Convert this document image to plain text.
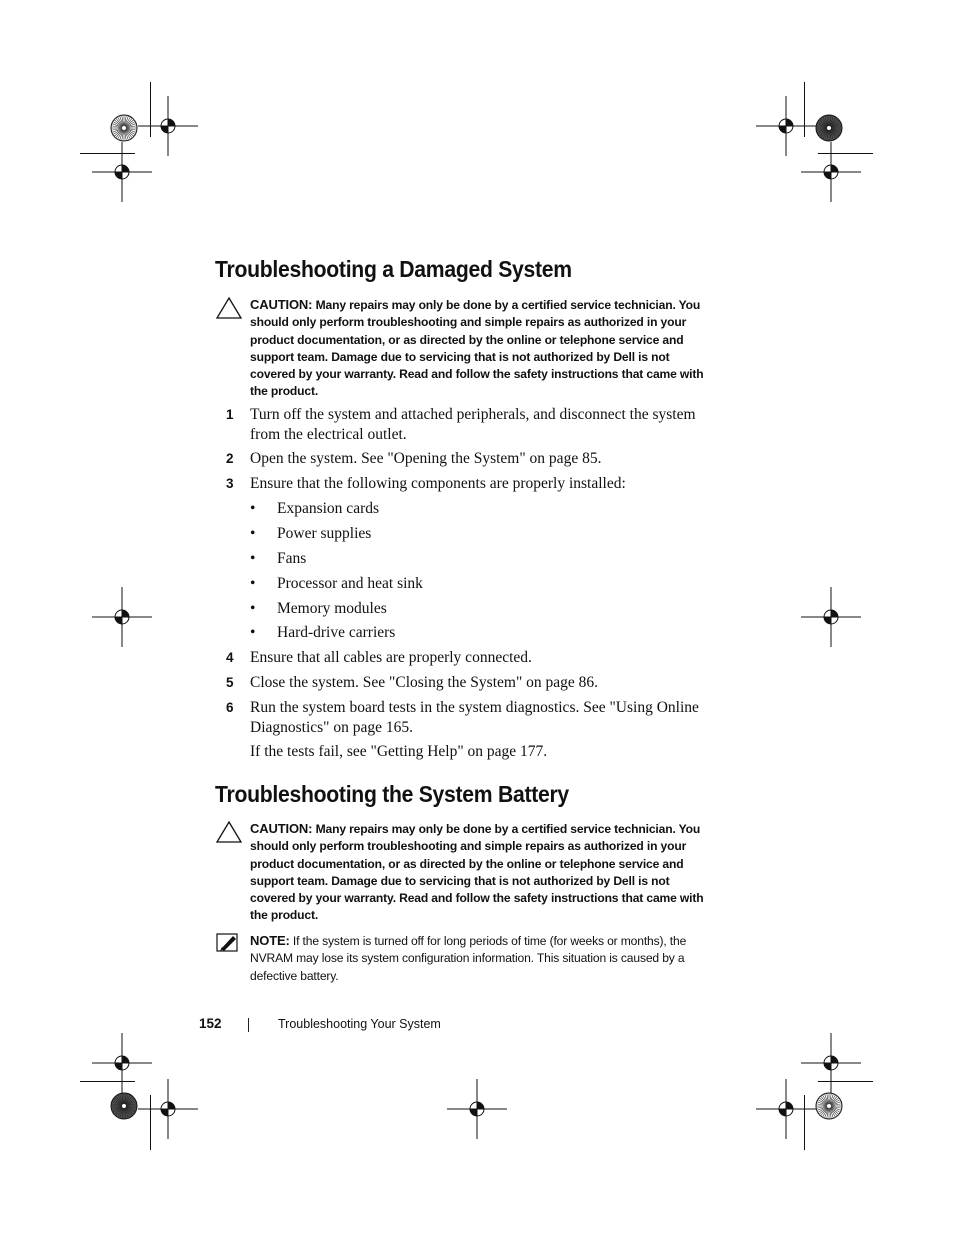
Troubleshooting a Damaged System
CAUTION: Many repairs may only be done by a certified service technician. You should only perform troubleshooting and simple repairs as authorized in your product documentation, or as directed by the online or telephone service and support team. Damage due to servicing that is not authorized by Dell is not covered by your warranty. Read and follow the safety instructions that came with the product.
1 Turn off the system and attached peripherals, and disconnect the system from the electrical outlet.
2 Open the system. See "Opening the System" on page 85.
3 Ensure that the following components are properly installed:
• Expansion cards
• Power supplies
• Fans
• Processor and heat sink
• Memory modules
• Hard-drive carriers
4 Ensure that all cables are properly connected.
5 Close the system. See "Closing the System" on page 86.
6 Run the system board tests in the system diagnostics. See "Using Online Diagnostics" on page 165.
If the tests fail, see "Getting Help" on page 177.
Troubleshooting the System Battery
CAUTION: Many repairs may only be done by a certified service technician. You should only perform troubleshooting and simple repairs as authorized in your product documentation, or as directed by the online or telephone service and support team. Damage due to servicing that is not authorized by Dell is not covered by your warranty. Read and follow the safety instructions that came with the product.
NOTE: If the system is turned off for long periods of time (for weeks or months), the NVRAM may lose its system configuration information. This situation is caused by a defective battery.
152	Troubleshooting Your System
